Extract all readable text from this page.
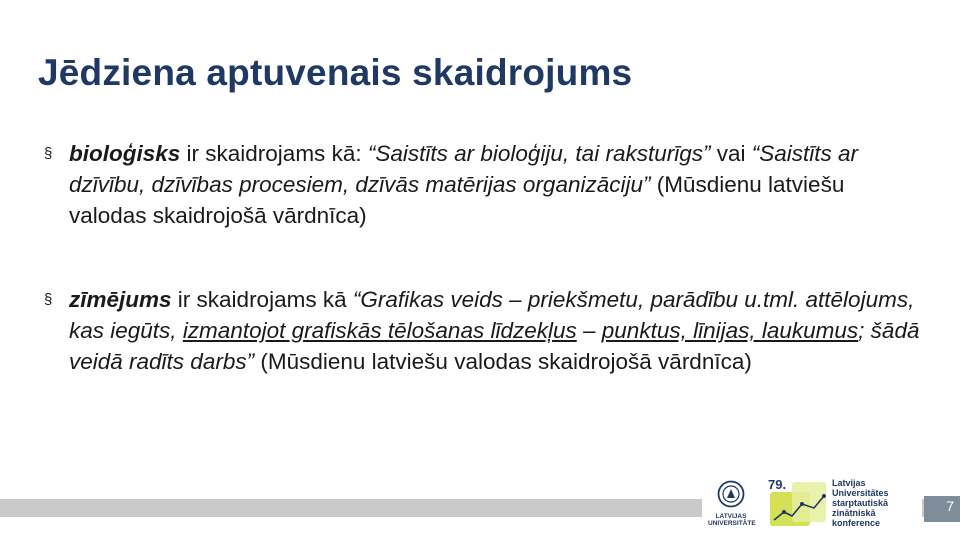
Jēdziena aptuvenais skaidrojums
§ bioloģisks ir skaidrojams kā: “Saistīts ar bioloģiju, tai raksturīgs” vai “Saistīts ar dzīvību, dzīvības procesiem, dzīvās matērijas organizāciju” (Mūsdienu latviešu valodas skaidrojošā vārdnīca)
§ zīmējums ir skaidrojams kā “Grafikas veids – priekšmetu, parādību u.tml. attēlojums, kas iegūts, izmantojot grafiskās tēlošanas līdzekļus – punktus, līnijas, laukumus; šādā veidā radīts darbs” (Mūsdienu latviešu valodas skaidrojošā vārdnīca)
7
LATVIJAS
UNIVERSITĀTE
79.	Latvijas
Universitātes
starptautiskā
zinātniskā
konference
